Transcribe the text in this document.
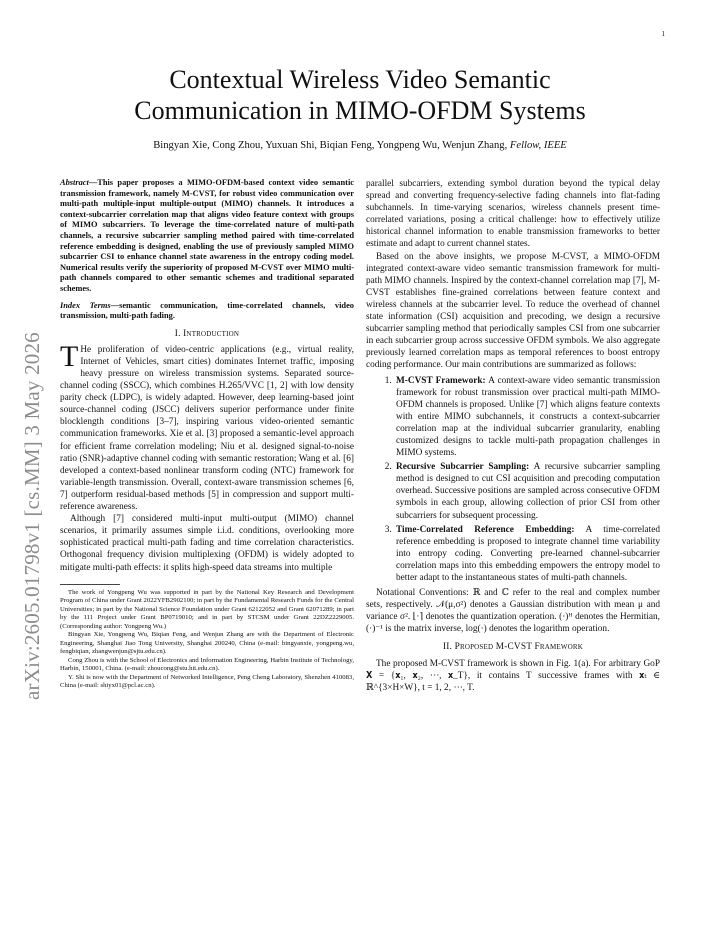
1
arXiv:2605.01798v1 [cs.MM] 3 May 2026
Contextual Wireless Video Semantic
Communication in MIMO-OFDM Systems
Bingyan Xie, Cong Zhou, Yuxuan Shi, Biqian Feng, Yongpeng Wu, Wenjun Zhang, Fellow, IEEE
Abstract—This paper proposes a MIMO-OFDM-based context video semantic transmission framework, namely M-CVST, for robust video communication over multi-path multiple-input multiple-output (MIMO) channels. It introduces a context-subcarrier correlation map that aligns video feature context with groups of MIMO subcarriers. To leverage the time-correlated nature of multi-path channels, a recursive subcarrier sampling method paired with time-correlated reference embedding is designed, enabling the use of previously sampled MIMO subcarrier CSI to enhance channel state awareness in the entropy coding model. Numerical results verify the superiority of proposed M-CVST over MIMO multi-path channels compared to other semantic schemes and traditional separated schemes.
Index Terms—semantic communication, time-correlated channels, video transmission, multi-path fading.
I. Introduction

T He proliferation of video-centric applications (e.g., virtual reality, Internet of Vehicles, smart cities) dominates Internet traffic, imposing heavy pressure on wireless transmission systems. Separated source-channel coding (SSCC), which combines H.265/VVC [1, 2] with low density parity check (LDPC), is widely adapted. However, deep learning-based joint source-channel coding (JSCC) delivers superior performance under finite blocklength conditions [3–7], inspiring various video-oriented semantic communication frameworks. Xie et al. [3] proposed a semantic-level approach for efficient frame correlation modeling; Niu et al. designed signal-to-noise ratio (SNR)-adaptive channel coding with semantic restoration; Wang et al. [6] developed a context-based nonlinear transform coding (NTC) framework for variable-length transmission. Overall, context-aware transmission schemes [6, 7] outperform residual-based methods [5] in compression and support multi-reference awareness.

Although [7] considered multi-input multi-output (MIMO) channel scenarios, it primarily assumes simple i.i.d. conditions, overlooking more sophisticated practical multi-path fading and time correlation characteristics. Orthogonal frequency division multiplexing (OFDM) is widely adopted to mitigate multi-path effects: it splits high-speed data streams into multiple

The work of Yongpeng Wu was supported in part by the National Key Research and Development Program of China under Grant 2022YFB2902100; in part by the Fundamental Research Funds for the Central Universities; in part by the National Science Foundation under Grant 62122052 and Grant 62071289; in part by the 111 Project under Grant BP0719010; and in part by STCSM under Grant 22DZ2229005. (Corresponding author: Yongpeng Wu.)

Bingyan Xie, Yongpeng Wu, Biqian Feng, and Wenjun Zhang are with the Department of Electronic Engineering, Shanghai Jiao Tong University, Shanghai 200240, China (e-mail: bingyanxie, yongpeng.wu, fengbiqian, zhangwenjun@sjtu.edu.cn).

Cong Zhou is with the School of Electronics and Information Engineering, Harbin Institute of Technology, Harbin, 150001, China. (e-mail: zhoucong@stu.hit.edu.cn).

Y. Shi is now with the Department of Networked Intelligence, Peng Cheng Laboratory, Shenzhen 410083, China (e-mail: shiyx01@pcl.ac.cn).

parallel subcarriers, extending symbol duration beyond the typical delay spread and converting frequency-selective fading channels into flat-fading subchannels. In time-varying scenarios, wireless channels present time-correlated variations, posing a critical challenge: how to effectively utilize historical channel information to enable transmission frameworks to better estimate and adapt to current channel states.

Based on the above insights, we propose M-CVST, a MIMO-OFDM integrated context-aware video semantic transmission framework for multi-path MIMO channels. Inspired by the context-channel correlation map [7], M-CVST establishes fine-grained correlations between feature context and wireless channels at the subcarrier level. To reduce the overhead of channel state information (CSI) acquisition and precoding, we design a recursive subcarrier sampling method that periodically samples CSI from one subcarrier in each subcarrier group across successive OFDM symbols. We also aggregate previously learned correlation maps as temporal references to boost entropy coding performance. Our main contributions are summarized as follows:

1. M-CVST Framework: A context-aware video semantic transmission framework for robust transmission over practical multi-path MIMO-OFDM channels is proposed. Unlike [7] which aligns feature contexts with entire MIMO subchannels, it constructs a context-subcarrier correlation map at the individual subcarrier granularity, enabling customized designs to tackle multi-path propagation challenges in MIMO systems.
2. Recursive Subcarrier Sampling: A recursive subcarrier sampling method is designed to cut CSI acquisition and precoding computation overhead. Successive positions are sampled across consecutive OFDM symbols in each group, allowing collection of prior CSI from other subcarriers for subsequent processing.
3. Time-Correlated Reference Embedding: A time-correlated reference embedding is proposed to integrate channel time variability into entropy coding. Converting pre-learned channel-subcarrier correlation maps into this embedding empowers the entropy model to better adapt to the instantaneous states of multi-path channels.

Notational Conventions: ℝ and ℂ refer to the real and complex number sets, respectively. 𝒩(μ,σ²) denotes a Gaussian distribution with mean μ and variance σ². ⌊·⌉ denotes the quantization operation. (·)ᴴ denotes the Hermitian, (·)⁻¹ is the matrix inverse, log(·) denotes the logarithm operation.

II. Proposed M-CVST Framework

The proposed M-CVST framework is shown in Fig. 1(a). For arbitrary GoP 𝐗 = {𝐱₁, 𝐱₂, ⋯, 𝐱_T}, it contains T successive frames with 𝐱ₜ ∈ ℝ^{3×H×W}, t = 1, 2, ⋯, T.
